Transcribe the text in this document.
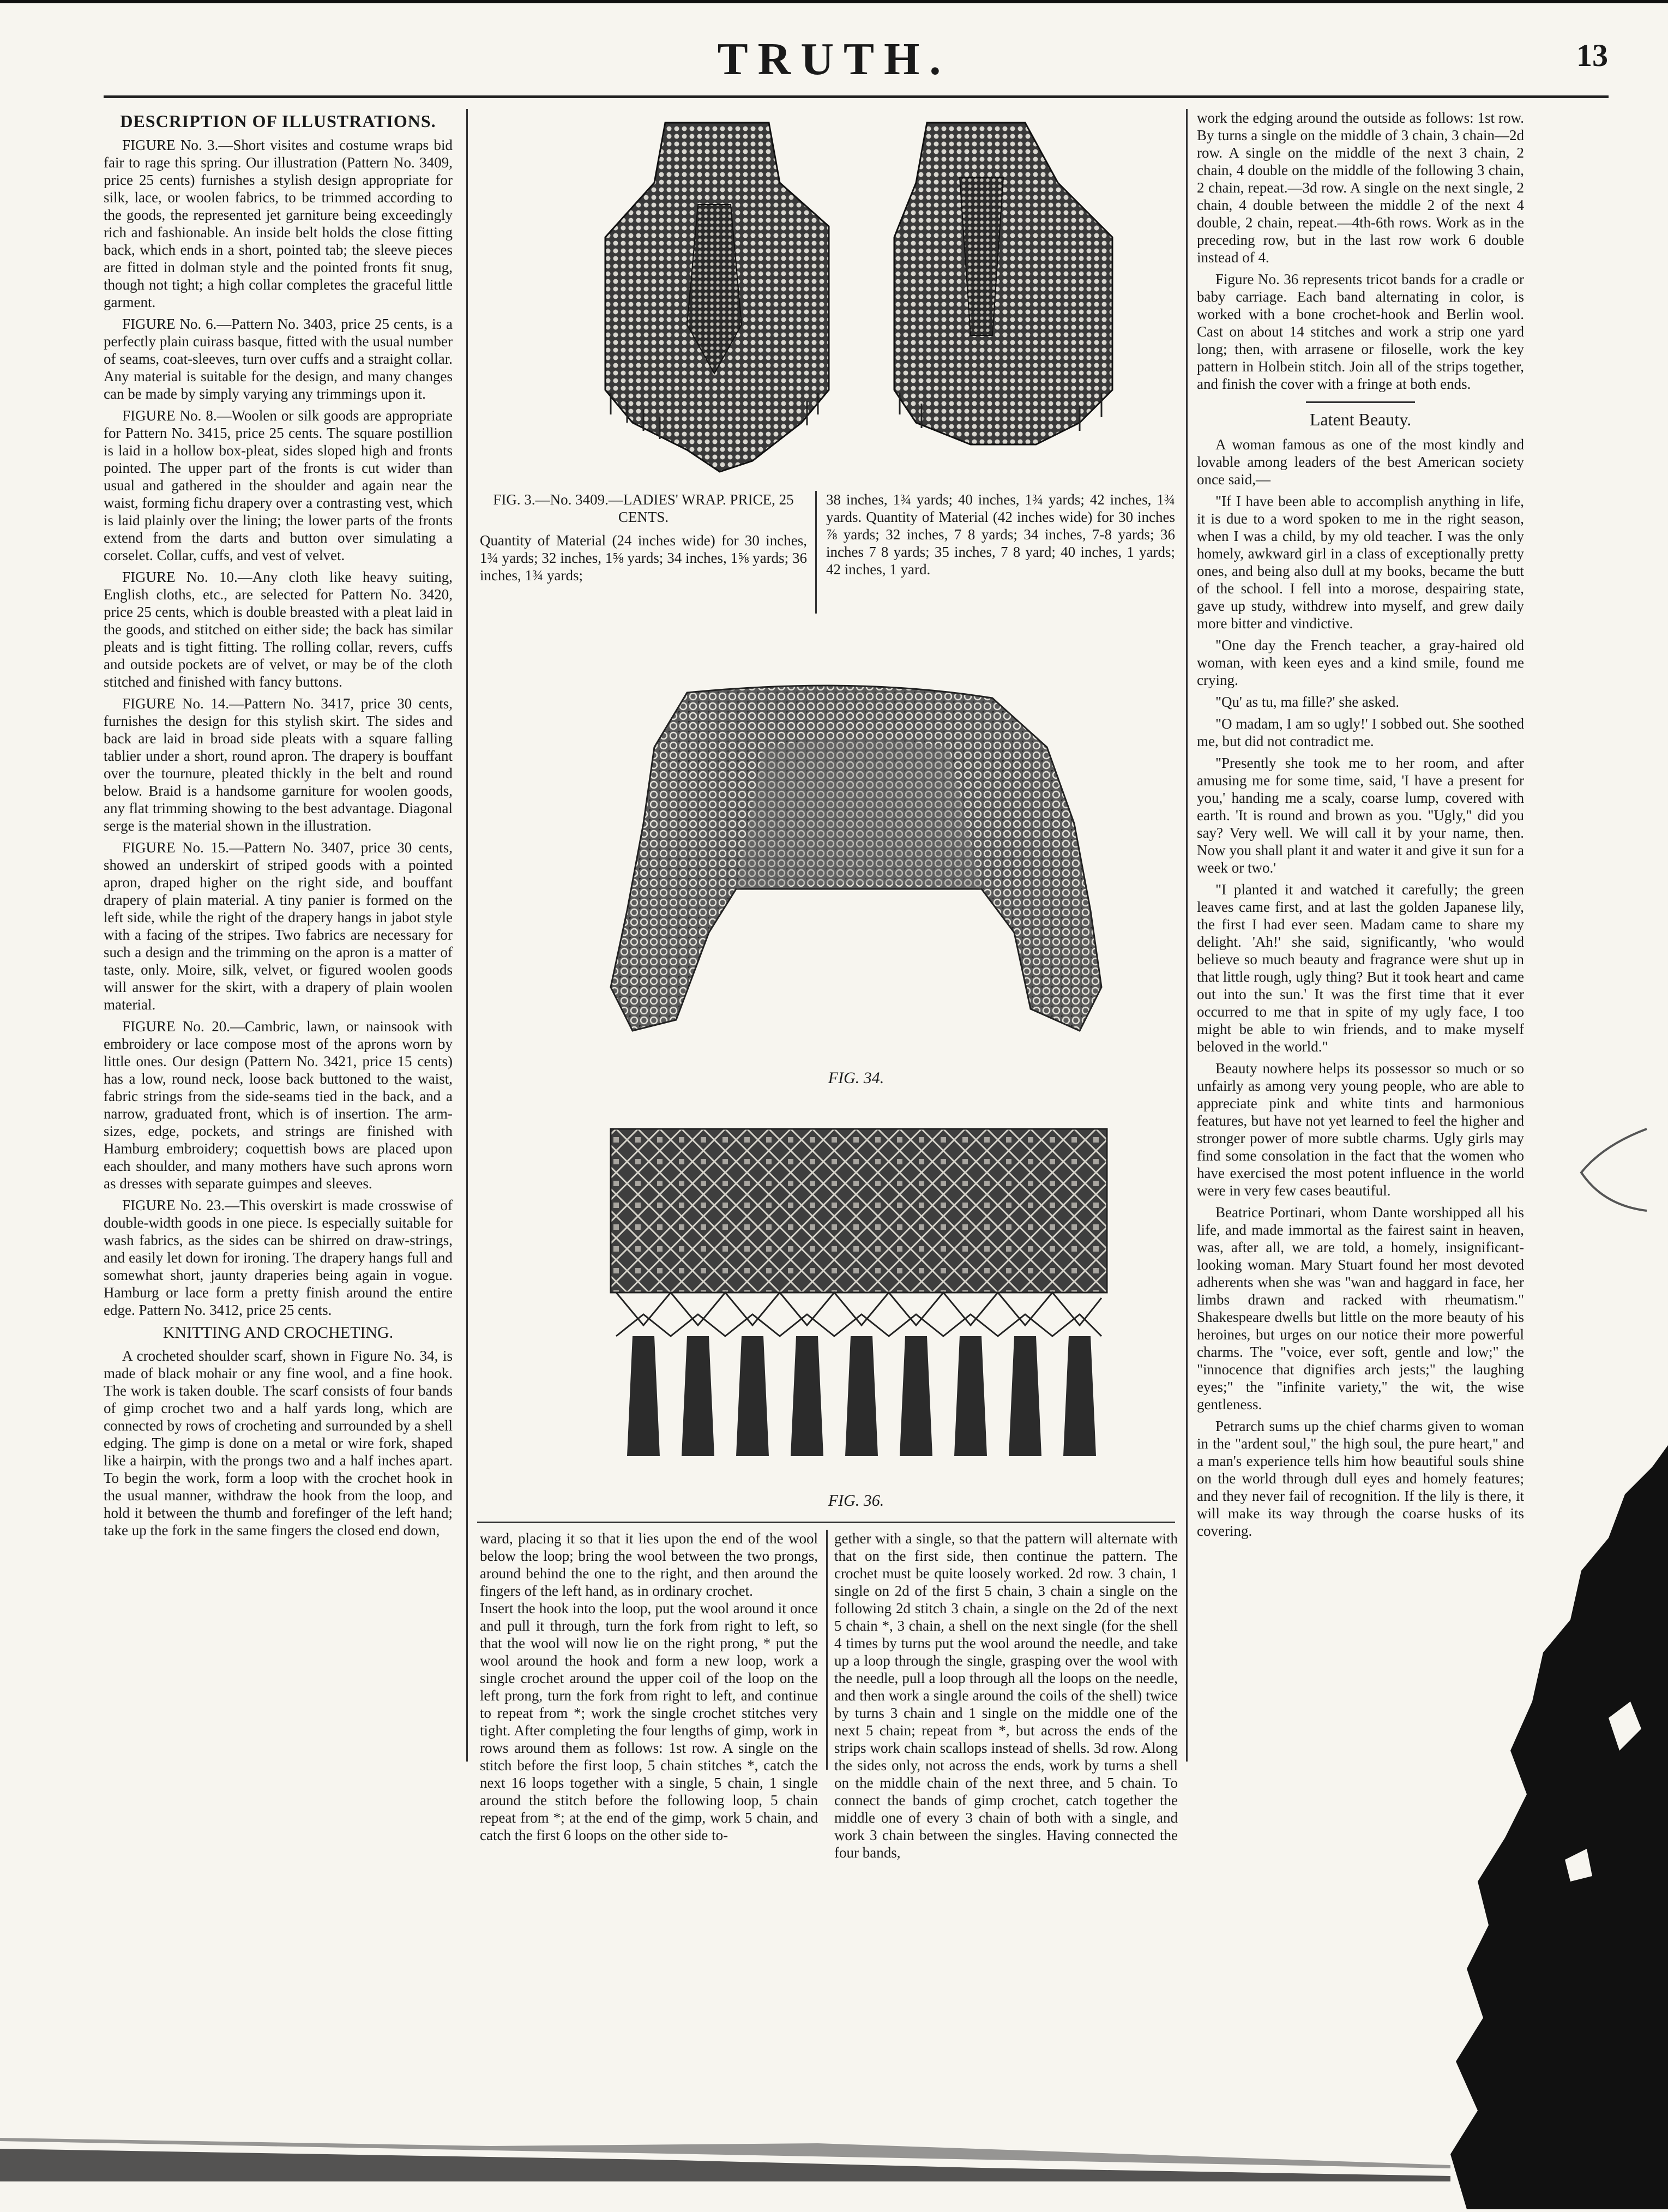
TRUTH.	13
DESCRIPTION OF ILLUSTRATIONS.

FIGURE No. 3.—Short visites and costume wraps bid fair to rage this spring. Our illustration (Pattern No. 3409, price 25 cents) furnishes a stylish design appropriate for silk, lace, or woolen fabrics, to be trimmed according to the goods, the represented jet garniture being exceedingly rich and fashionable. An inside belt holds the close fitting back, which ends in a short, pointed tab; the sleeve pieces are fitted in dolman style and the pointed fronts fit snug, though not tight; a high collar completes the graceful little garment.

FIGURE No. 6.—Pattern No. 3403, price 25 cents, is a perfectly plain cuirass basque, fitted with the usual number of seams, coat-sleeves, turn over cuffs and a straight collar. Any material is suitable for the design, and many changes can be made by simply varying any trimmings upon it.

FIGURE No. 8.—Woolen or silk goods are appropriate for Pattern No. 3415, price 25 cents. The square postillion is laid in a hollow box-pleat, sides sloped high and fronts pointed. The upper part of the fronts is cut wider than usual and gathered in the shoulder and again near the waist, forming fichu drapery over a contrasting vest, which is laid plainly over the lining; the lower parts of the fronts extend from the darts and button over simulating a corselet. Collar, cuffs, and vest of velvet.

FIGURE No. 10.—Any cloth like heavy suiting, English cloths, etc., are selected for Pattern No. 3420, price 25 cents, which is double breasted with a pleat laid in the goods, and stitched on either side; the back has similar pleats and is tight fitting. The rolling collar, revers, cuffs and outside pockets are of velvet, or may be of the cloth stitched and finished with fancy buttons.

FIGURE No. 14.—Pattern No. 3417, price 30 cents, furnishes the design for this stylish skirt. The sides and back are laid in broad side pleats with a square falling tablier under a short, round apron. The drapery is bouffant over the tournure, pleated thickly in the belt and round below. Braid is a handsome garniture for woolen goods, any flat trimming showing to the best advantage. Diagonal serge is the material shown in the illustration.

FIGURE No. 15.—Pattern No. 3407, price 30 cents, showed an underskirt of striped goods with a pointed apron, draped higher on the right side, and bouffant drapery of plain material. A tiny panier is formed on the left side, while the right of the drapery hangs in jabot style with a facing of the stripes. Two fabrics are necessary for such a design and the trimming on the apron is a matter of taste, only. Moire, silk, velvet, or figured woolen goods will answer for the skirt, with a drapery of plain woolen material.

FIGURE No. 20.—Cambric, lawn, or nainsook with embroidery or lace compose most of the aprons worn by little ones. Our design (Pattern No. 3421, price 15 cents) has a low, round neck, loose back buttoned to the waist, fabric strings from the side-seams tied in the back, and a narrow, graduated front, which is of insertion. The arm-sizes, edge, pockets, and strings are finished with Hamburg embroidery; coquettish bows are placed upon each shoulder, and many mothers have such aprons worn as dresses with separate guimpes and sleeves.

FIGURE No. 23.—This overskirt is made crosswise of double-width goods in one piece. Is especially suitable for wash fabrics, as the sides can be shirred on draw-strings, and easily let down for ironing. The drapery hangs full and somewhat short, jaunty draperies being again in vogue. Hamburg or lace form a pretty finish around the entire edge. Pattern No. 3412, price 25 cents.

KNITTING AND CROCHETING.

A crocheted shoulder scarf, shown in Figure No. 34, is made of black mohair or any fine wool, and a fine hook. The work is taken double. The scarf consists of four bands of gimp crochet two and a half yards long, which are connected by rows of crocheting and surrounded by a shell edging. The gimp is done on a metal or wire fork, shaped like a hairpin, with the prongs two and a half inches apart. To begin the work, form a loop with the crochet hook in the usual manner, withdraw the hook from the loop, and hold it between the thumb and forefinger of the left hand; take up the fork in the same fingers the closed end down,

FIG. 3.—No. 3409.—LADIES' WRAP. PRICE, 25 CENTS.
Quantity of Material (24 inches wide) for 30 inches, 1¾ yards; 32 inches, 1⅝ yards; 34 inches, 1⅝ yards; 36 inches, 1¾ yards;
38 inches, 1¾ yards; 40 inches, 1¾ yards; 42 inches, 1¾ yards. Quantity of Material (42 inches wide) for 30 inches ⅞ yards; 32 inches, 7 8 yards; 34 inches, 7-8 yards; 36 inches 7 8 yards; 35 inches, 7 8 yard; 40 inches, 1 yards; 42 inches, 1 yard.
FIG. 34.
FIG. 36.
ward, placing it so that it lies upon the end of the wool below the loop; bring the wool between the two prongs, around behind the one to the right, and then around the fingers of the left hand, as in ordinary crochet.
Insert the hook into the loop, put the wool around it once and pull it through, turn the fork from right to left, so that the wool will now lie on the right prong, * put the wool around the hook and form a new loop, work a single crochet around the upper coil of the loop on the left prong, turn the fork from right to left, and continue to repeat from *; work the single crochet stitches very tight. After completing the four lengths of gimp, work in rows around them as follows: 1st row. A single on the stitch before the first loop, 5 chain stitches *, catch the next 16 loops together with a single, 5 chain, 1 single around the stitch before the following loop, 5 chain repeat from *; at the end of the gimp, work 5 chain, and catch the first 6 loops on the other side to-
gether with a single, so that the pattern will alternate with that on the first side, then continue the pattern. The crochet must be quite loosely worked. 2d row. 3 chain, 1 single on 2d of the first 5 chain, 3 chain a single on the following 2d stitch 3 chain, a single on the 2d of the next 5 chain *, 3 chain, a shell on the next single (for the shell 4 times by turns put the wool around the needle, and take up a loop through the single, grasping over the wool with the needle, pull a loop through all the loops on the needle, and then work a single around the coils of the shell) twice by turns 3 chain and 1 single on the middle one of the next 5 chain; repeat from *, but across the ends of the strips work chain scallops instead of shells. 3d row. Along the sides only, not across the ends, work by turns a shell on the middle chain of the next three, and 5 chain. To connect the bands of gimp crochet, catch together the middle one of every 3 chain of both with a single, and work 3 chain between the singles. Having connected the four bands,

work the edging around the outside as follows: 1st row. By turns a single on the middle of 3 chain, 3 chain—2d row. A single on the middle of the next 3 chain, 2 chain, 4 double on the middle of the following 3 chain, 2 chain, repeat.—3d row. A single on the next single, 2 chain, 4 double between the middle 2 of the next 4 double, 2 chain, repeat.—4th-6th rows. Work as in the preceding row, but in the last row work 6 double instead of 4.

Figure No. 36 represents tricot bands for a cradle or baby carriage. Each band alternating in color, is worked with a bone crochet-hook and Berlin wool. Cast on about 14 stitches and work a strip one yard long; then, with arrasene or filoselle, work the key pattern in Holbein stitch. Join all of the strips together, and finish the cover with a fringe at both ends.

Latent Beauty.

A woman famous as one of the most kindly and lovable among leaders of the best American society once said,—

"If I have been able to accomplish anything in life, it is due to a word spoken to me in the right season, when I was a child, by my old teacher. I was the only homely, awkward girl in a class of exceptionally pretty ones, and being also dull at my books, became the butt of the school. I fell into a morose, despairing state, gave up study, withdrew into myself, and grew daily more bitter and vindictive.

"One day the French teacher, a gray-haired old woman, with keen eyes and a kind smile, found me crying.

"Qu' as tu, ma fille?' she asked.

"O madam, I am so ugly!' I sobbed out. She soothed me, but did not contradict me.

"Presently she took me to her room, and after amusing me for some time, said, 'I have a present for you,' handing me a scaly, coarse lump, covered with earth. 'It is round and brown as you. "Ugly," did you say? Very well. We will call it by your name, then. Now you shall plant it and water it and give it sun for a week or two.'

"I planted it and watched it carefully; the green leaves came first, and at last the golden Japanese lily, the first I had ever seen. Madam came to share my delight. 'Ah!' she said, significantly, 'who would believe so much beauty and fragrance were shut up in that little rough, ugly thing? But it took heart and came out into the sun.' It was the first time that it ever occurred to me that in spite of my ugly face, I too might be able to win friends, and to make myself beloved in the world."

Beauty nowhere helps its possessor so much or so unfairly as among very young people, who are able to appreciate pink and white tints and harmonious features, but have not yet learned to feel the higher and stronger power of more subtle charms. Ugly girls may find some consolation in the fact that the women who have exercised the most potent influence in the world were in very few cases beautiful.

Beatrice Portinari, whom Dante worshipped all his life, and made immortal as the fairest saint in heaven, was, after all, we are told, a homely, insignificant-looking woman. Mary Stuart found her most devoted adherents when she was "wan and haggard in face, her limbs drawn and racked with rheumatism." Shakespeare dwells but little on the more beauty of his heroines, but urges on our notice their more powerful charms. The "voice, ever soft, gentle and low;" the "innocence that dignifies arch jests;" the laughing eyes;" the "infinite variety," the wit, the wise gentleness.

Petrarch sums up the chief charms given to woman in the "ardent soul," the high soul, the pure heart," and a man's experience tells him how beautiful souls shine on the world through dull eyes and homely features; and they never fail of recognition. If the lily is there, it will make its way through the coarse husks of its covering.
